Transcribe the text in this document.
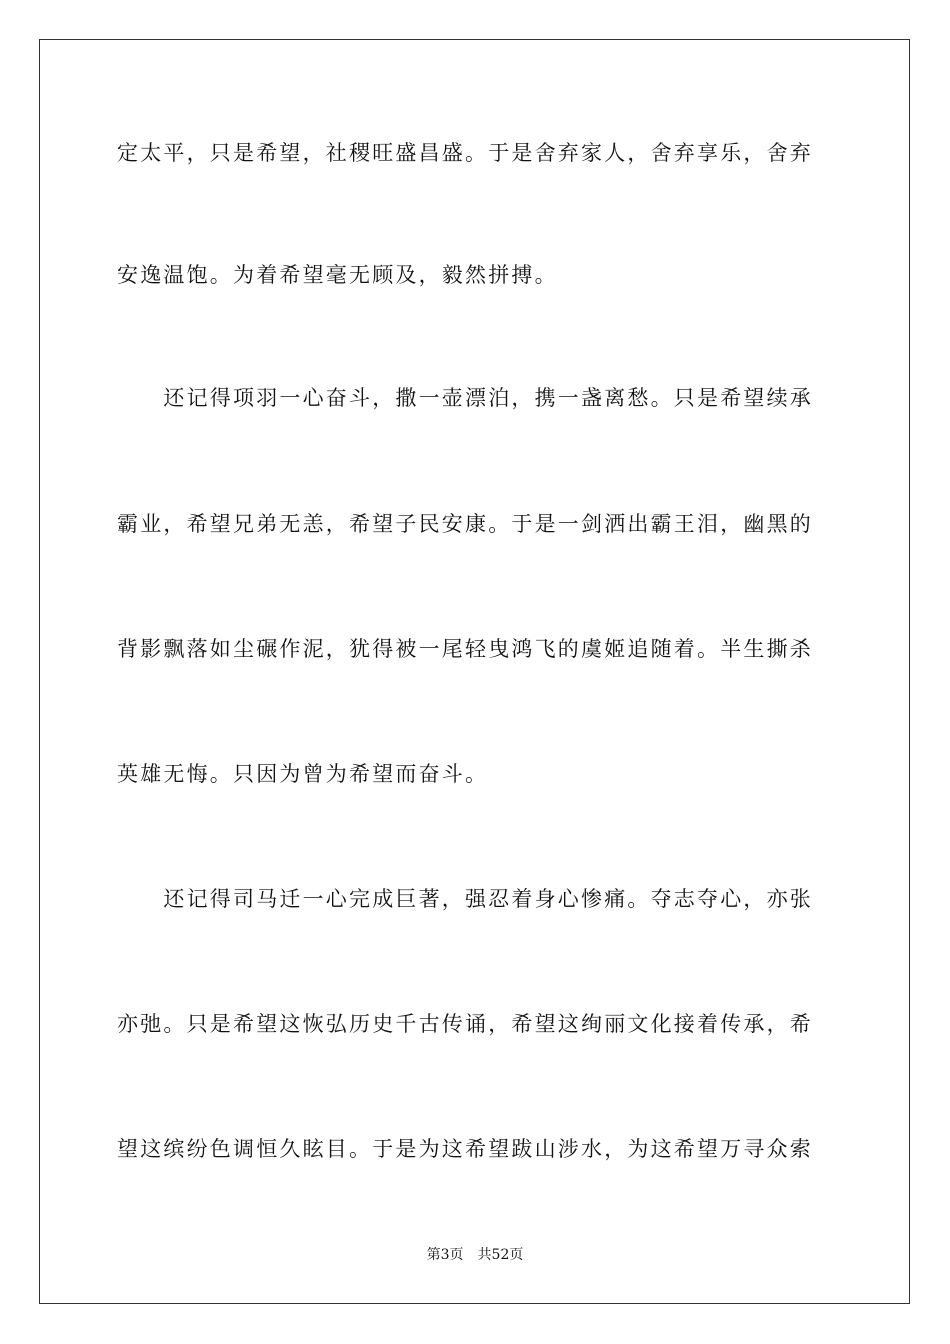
定太平，只是希望，社稷旺盛昌盛。于是舍弃家人，舍弃享乐，舍弃
安逸温饱。为着希望毫无顾及，毅然拼搏。
　　还记得项羽一心奋斗，撒一壶漂泊，携一盏离愁。只是希望续承
霸业，希望兄弟无恙，希望子民安康。于是一剑洒出霸王泪，幽黑的
背影飘落如尘碾作泥，犹得被一尾轻曳鸿飞的虞姬追随着。半生撕杀
英雄无悔。只因为曾为希望而奋斗。
　　还记得司马迁一心完成巨著，强忍着身心惨痛。夺志夺心，亦张
亦弛。只是希望这恢弘历史千古传诵，希望这绚丽文化接着传承，希
望这缤纷色调恒久眩目。于是为这希望跋山涉水，为这希望万寻众索
第3页 共52页
